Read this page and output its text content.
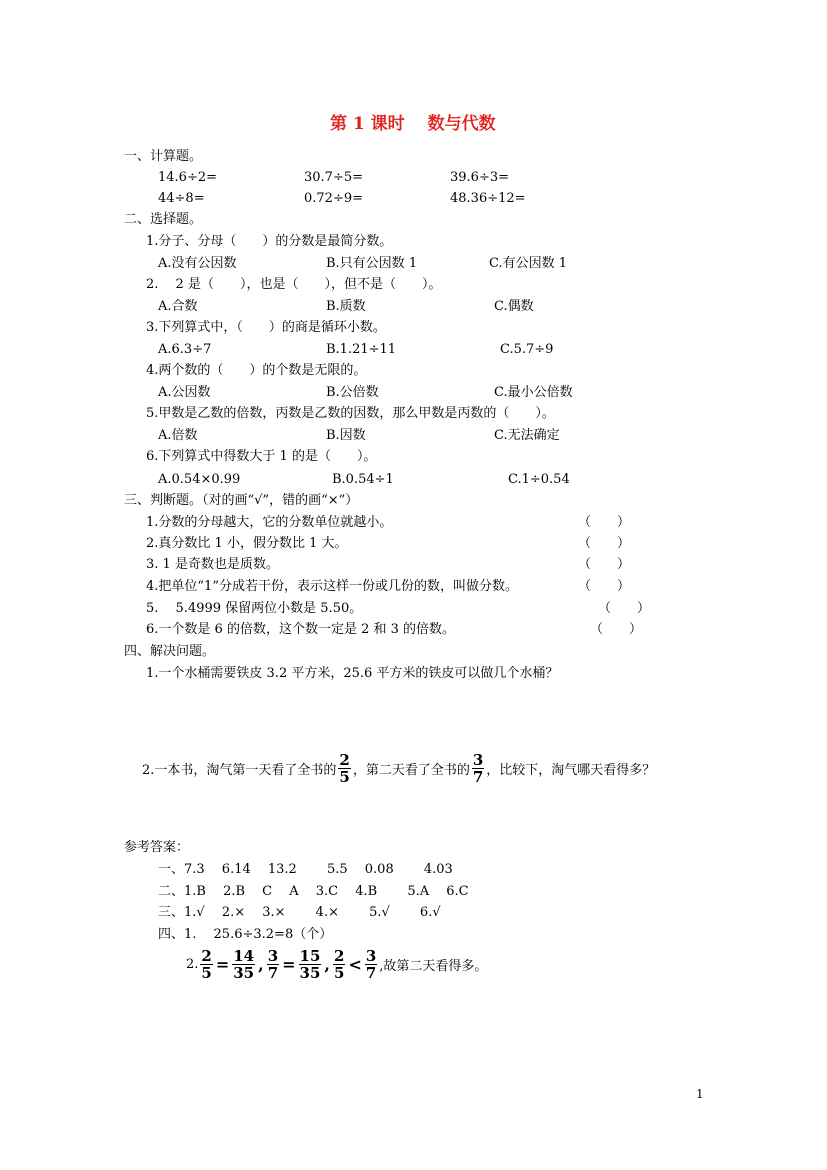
第 1 课时　 数与代数
一、计算题。
14.6÷2=	30.7÷5=	39.6÷3=
44÷8=	0.72÷9=	48.36÷12=
二、选择题。
1.分子、分母（　　）的分数是最简分数。
A.没有公因数	B.只有公因数 1	C.有公因数 1
2.　 2 是（　　），也是（　　），但不是（　　）。
A.合数	B.质数	C.偶数
3.下列算式中，（　　）的商是循环小数。
A.6.3÷7	B.1.21÷11	C.5.7÷9
4.两个数的（　　）的个数是无限的。
A.公因数	B.公倍数	C.最小公倍数
5.甲数是乙数的倍数，丙数是乙数的因数，那么甲数是丙数的（　　）。
A.倍数	B.因数	C.无法确定
6.下列算式中得数大于 1 的是（　　）。
A.0.54×0.99	B.0.54÷1	C.1÷0.54
三、判断题。（对的画“√”，错的画“×”）
1.分数的分母越大，它的分数单位就越小。	（　　）
2.真分数比 1 小，假分数比 1 大。	（　　）
3. 1 是奇数也是质数。	（　　）
4.把单位“1”分成若干份，表示这样一份或几份的数，叫做分数。	（　　）
5.　 5.4999 保留两位小数是 5.50。	（　　）
6.一个数是 6 的倍数，这个数一定是 2 和 3 的倍数。	（　　）
四、解决问题。
1.一个水桶需要铁皮 3.2 平方米，25.6 平方米的铁皮可以做几个水桶？
2.一本书，淘气第一天看了全书的 $\frac{2}{5}$ ，第二天看了全书的 $\frac{3}{7}$ ，比较下，淘气哪天看得多？
参考答案：
一、7.3　 6.14　 13.2　　 5.5　 0.08　　 4.03
二、1.B　 2.B　 C　 A　 3.C　 4.B　　 5.A　 6.C
三、1.√　 2.×　 3.×　　 4.×　　 5.√　　 6.√
四、1.　 25.6÷3.2=8（个）
2. $\frac{2}{5} = \frac{14}{35}$ , $\frac{3}{7} = \frac{15}{35}$ , $\frac{2}{5} < \frac{3}{7}$ ,故第二天看得多。
1
